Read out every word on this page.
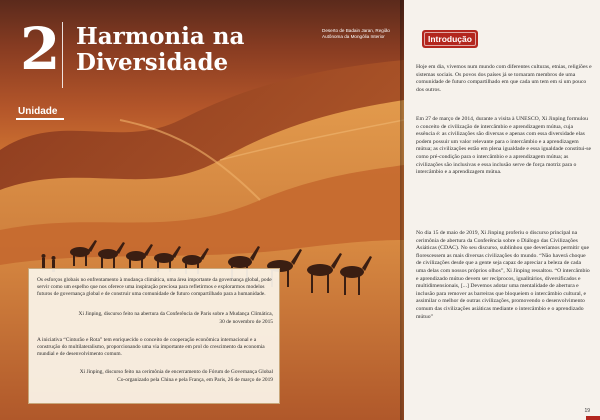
2
Unidade
Harmonia na
Diversidade
Deserto de Badain Jaran, Região Autônoma da Mongólia Interior

Os esforços globais no enfrentamento à mudança climática, uma área importante da governança global, pode servir como um espelho que nos oferece uma inspiração preciosa para refletirmos e explorarmos modelos futuros de governança global e de construir uma comunidade de futuro compartilhado para a humanidade.

Xi Jinping, discurso feito na abertura da Conferência de Paris sobre a Mudança Climática,

30 de novembro de 2015

A iniciativa “Cinturão e Rota” tem enriquecido o conceito de cooperação econômica internacional e a construção do multilateralismo, proporcionando uma via importante em prol do crescimento da economia mundial e de desenvolvimento comum.

Xi Jinping, discurso feito na cerimônia de encerramento do Fórum de Governança Global

Co-organizado pela China e pela França, em Paris, 26 de março de 2019

Introdução

Hoje em dia, vivemos num mundo com diferentes culturas, etnias, religiões e sistemas sociais. Os povos dos países já se tornaram membros de uma comunidade de futuro compartilhado em que cada um tem em si um pouco dos outros.

Em 27 de março de 2014, durante a visita à UNESCO, Xi Jinping formulou o conceito de civilização de intercâmbio e aprendizagem mútua, cuja essência é: as civilizações são diversas e apenas com essa diversidade elas podem possuir um valor relevante para o intercâmbio e a aprendizagem mútua; as civilizações estão em plena igualdade e essa igualdade constitui-se como pré-condição para o intercâmbio e a aprendizagem mútua; as civilizações são inclusivas e essa inclusão serve de força motriz para o intercâmbio e a aprendizagem mútua.

No dia 15 de maio de 2019, Xi Jinping proferiu o discurso principal na cerimônia de abertura da Conferência sobre o Diálogo das Civilizações Asiáticas (CDAC). No seu discurso, sublinhou que deveríamos permitir que florescessem as mais diversas civilizações do mundo. “Não haverá choque de civilizações desde que a gente seja capaz de apreciar a beleza de cada uma delas com nossos próprios olhos”, Xi Jinping ressaltou. “O intercâmbio e aprendizado mútuo devem ser recíprocos, igualitários, diversificados e multidimensionais, [...] Devemos adotar uma mentalidade de abertura e inclusão para remover as barreiras que bloqueiem o intercâmbio cultural, e assimilar o melhor de outras civilizações, promovendo o desenvolvimento comum das civilizações asiáticas mediante o intercâmbio e o aprendizado mútuo”

19
